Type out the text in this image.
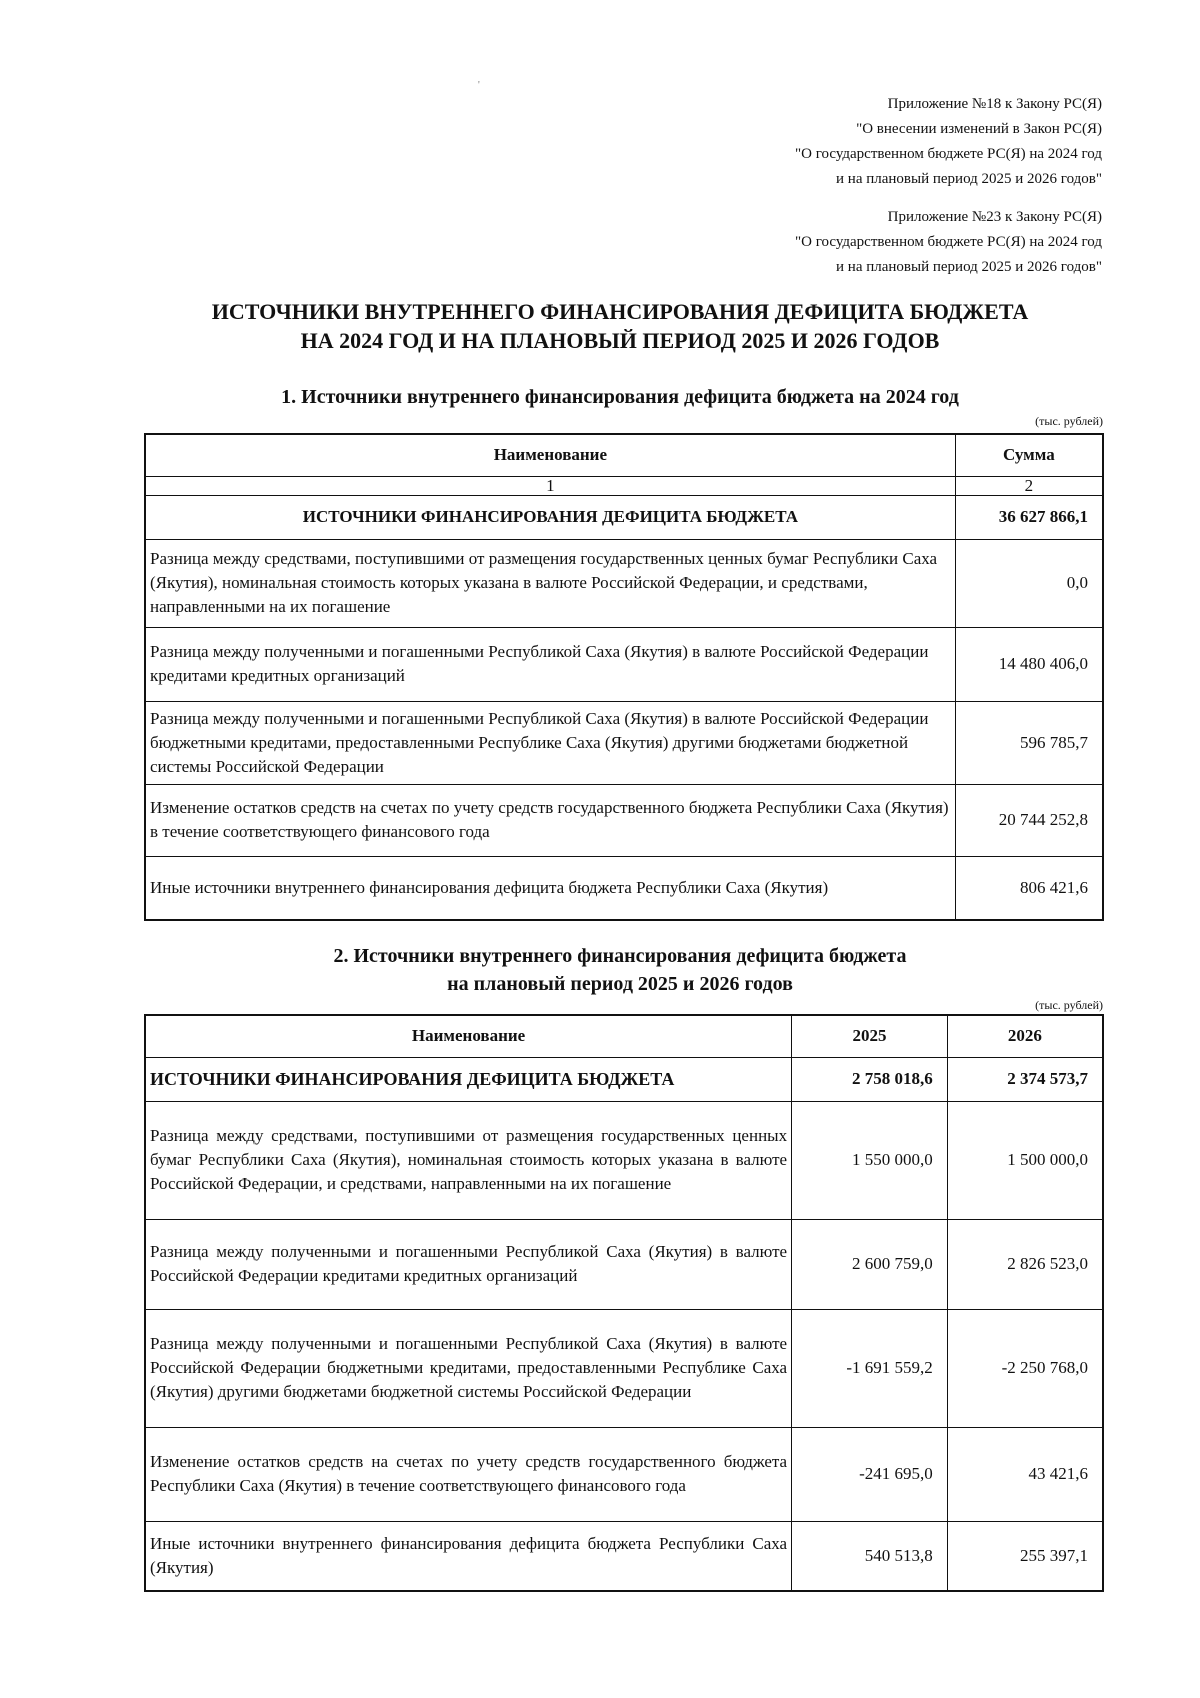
'
Приложение №18 к Закону РС(Я)
"О внесении изменений в Закон РС(Я)
"О государственном бюджете РС(Я) на 2024 год
и на плановый период 2025 и 2026 годов"
Приложение №23 к Закону РС(Я)
"О государственном бюджете РС(Я) на 2024 год
и на плановый период 2025 и 2026 годов"
ИСТОЧНИКИ ВНУТРЕННЕГО ФИНАНСИРОВАНИЯ ДЕФИЦИТА БЮДЖЕТА
НА 2024 ГОД И НА ПЛАНОВЫЙ ПЕРИОД 2025 И 2026 ГОДОВ
1. Источники внутреннего финансирования дефицита бюджета на 2024 год
(тыс. рублей)
Наименование	Сумма
1	2
ИСТОЧНИКИ ФИНАНСИРОВАНИЯ ДЕФИЦИТА БЮДЖЕТА	36 627 866,1
Разница между средствами, поступившими от размещения государственных ценных бумаг Республики Саха (Якутия), номинальная стоимость которых указана в валюте Российской Федерации, и средствами, направленными на их погашение	0,0
Разница между полученными и погашенными Республикой Саха (Якутия) в валюте Российской Федерации кредитами кредитных организаций	14 480 406,0
Разница между полученными и погашенными Республикой Саха (Якутия) в валюте Российской Федерации бюджетными кредитами, предоставленными Республике Саха (Якутия) другими бюджетами бюджетной системы Российской Федерации	596 785,7
Изменение остатков средств на счетах по учету средств государственного бюджета Республики Саха (Якутия) в течение соответствующего финансового года	20 744 252,8
Иные источники внутреннего финансирования дефицита бюджета Республики Саха (Якутия)	806 421,6
2. Источники внутреннего финансирования дефицита бюджета
на плановый период 2025 и 2026 годов
(тыс. рублей)
Наименование	2025	2026
ИСТОЧНИКИ ФИНАНСИРОВАНИЯ ДЕФИЦИТА БЮДЖЕТА	2 758 018,6	2 374 573,7
Разница между средствами, поступившими от размещения государственных ценных бумаг Республики Саха (Якутия), номинальная стоимость которых указана в валюте Российской Федерации, и средствами, направленными на их погашение	1 550 000,0	1 500 000,0
Разница между полученными и погашенными Республикой Саха (Якутия) в валюте Российской Федерации кредитами кредитных организаций	2 600 759,0	2 826 523,0
Разница между полученными и погашенными Республикой Саха (Якутия) в валюте Российской Федерации бюджетными кредитами, предоставленными Республике Саха (Якутия) другими бюджетами бюджетной системы Российской Федерации	-1 691 559,2	-2 250 768,0
Изменение остатков средств на счетах по учету средств государственного бюджета Республики Саха (Якутия) в течение соответствующего финансового года	-241 695,0	43 421,6
Иные источники внутреннего финансирования дефицита бюджета Республики Саха (Якутия)	540 513,8	255 397,1
